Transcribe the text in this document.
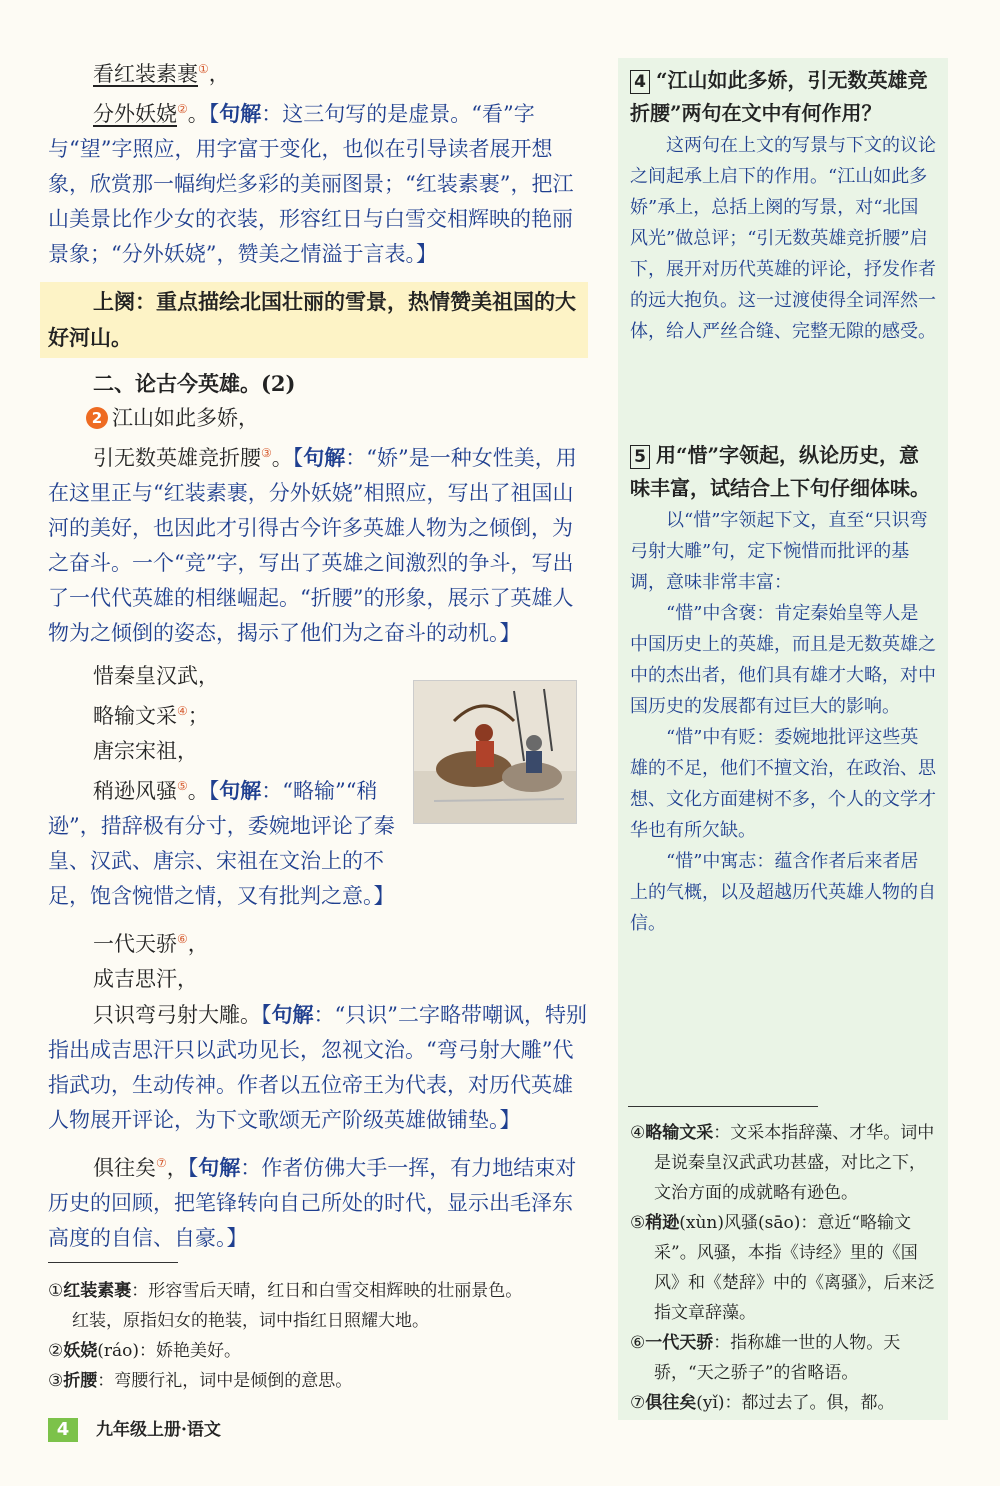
看红装素裹①，

分外妖娆②。【句解：这三句写的是虚景。“看”字与“望”字照应，用字富于变化，也似在引导读者展开想象，欣赏那一幅绚烂多彩的美丽图景；“红装素裹”，把江山美景比作少女的衣装，形容红日与白雪交相辉映的艳丽景象；“分外妖娆”，赞美之情溢于言表。】

上阕：重点描绘北国壮丽的雪景，热情赞美祖国的大好河山。

二、论古今英雄。(2)

2 江山如此多娇，

引无数英雄竞折腰③。【句解：“娇”是一种女性美，用在这里正与“红装素裹，分外妖娆”相照应，写出了祖国山河的美好，也因此才引得古今许多英雄人物为之倾倒，为之奋斗。一个“竞”字，写出了英雄之间激烈的争斗，写出了一代代英雄的相继崛起。“折腰”的形象，展示了英雄人物为之倾倒的姿态，揭示了他们为之奋斗的动机。】

惜秦皇汉武，

略输文采④；

唐宗宋祖，

稍逊风骚⑤。【句解：“略输”“稍逊”，措辞极有分寸，委婉地评论了秦皇、汉武、唐宗、宋祖在文治上的不足，饱含惋惜之情，又有批判之意。】

一代天骄⑥，

成吉思汗，

只识弯弓射大雕。【句解：“只识”二字略带嘲讽，特别指出成吉思汗只以武功见长，忽视文治。“弯弓射大雕”代指武功，生动传神。作者以五位帝王为代表，对历代英雄人物展开评论，为下文歌颂无产阶级英雄做铺垫。】

俱往矣⑦，【句解：作者仿佛大手一挥，有力地结束对历史的回顾，把笔锋转向自己所处的时代，显示出毛泽东高度的自信、自豪。】

①红装素裹：形容雪后天晴，红日和白雪交相辉映的壮丽景色。

红装，原指妇女的艳装，词中指红日照耀大地。

②妖娆(ráo)：娇艳美好。

③折腰：弯腰行礼，词中是倾倒的意思。

4 “江山如此多娇，引无数英雄竞折腰”两句在文中有何作用？

这两句在上文的写景与下文的议论之间起承上启下的作用。“江山如此多娇”承上，总括上阕的写景，对“北国风光”做总评；“引无数英雄竞折腰”启下，展开对历代英雄的评论，抒发作者的远大抱负。这一过渡使得全词浑然一体，给人严丝合缝、完整无隙的感受。

5 用“惜”字领起，纵论历史，意味丰富，试结合上下句仔细体味。

以“惜”字领起下文，直至“只识弯弓射大雕”句，定下惋惜而批评的基调，意味非常丰富：

“惜”中含褒：肯定秦始皇等人是中国历史上的英雄，而且是无数英雄之中的杰出者，他们具有雄才大略，对中国历史的发展都有过巨大的影响。

“惜”中有贬：委婉地批评这些英雄的不足，他们不擅文治，在政治、思想、文化方面建树不多，个人的文学才华也有所欠缺。

“惜”中寓志：蕴含作者后来者居上的气概，以及超越历代英雄人物的自信。

④略输文采：文采本指辞藻、才华。词中是说秦皇汉武武功甚盛，对比之下，文治方面的成就略有逊色。

⑤稍逊(xùn)风骚(sāo)：意近“略输文采”。风骚，本指《诗经》里的《国风》和《楚辞》中的《离骚》，后来泛指文章辞藻。

⑥一代天骄：指称雄一世的人物。天骄，“天之骄子”的省略语。

⑦俱往矣(yǐ)：都过去了。俱，都。

4	九年级上册·语文
